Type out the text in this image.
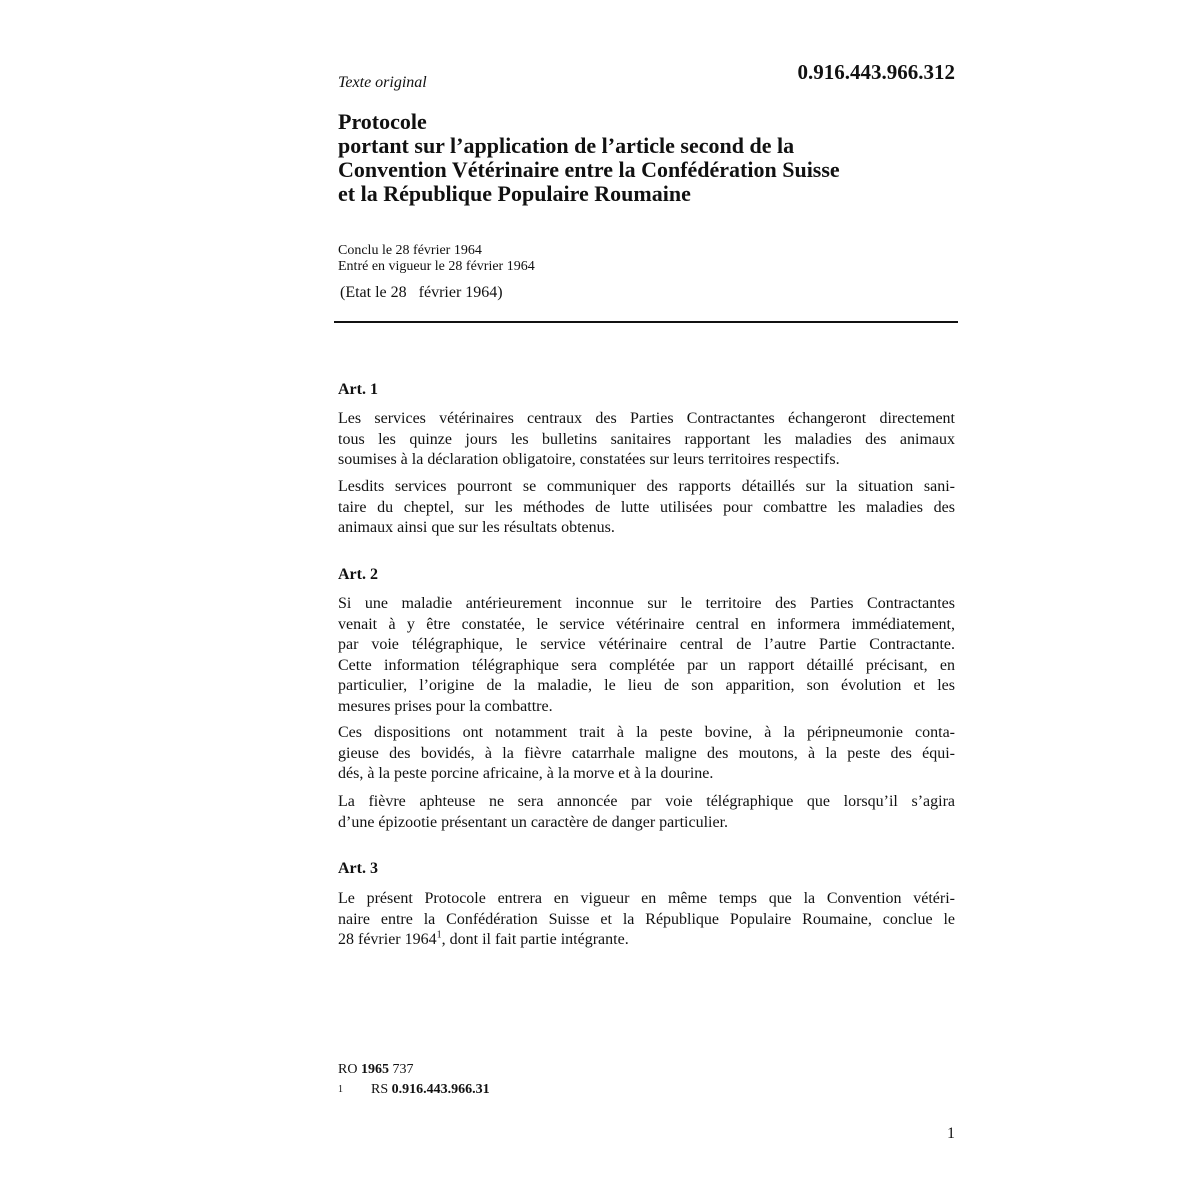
0.916.443.966.312
Texte original
Protocole
portant sur l’application de l’article second de la
Convention Vétérinaire entre la Confédération Suisse
et la République Populaire Roumaine
Conclu le 28 février 1964
Entré en vigueur le 28 février 1964
(Etat le 28   février 1964)
Art. 1

Les services vétérinaires centraux des Parties Contractantes échangeront directement
tous les quinze jours les bulletins sanitaires rapportant les maladies des animaux
soumises à la déclaration obligatoire, constatées sur leurs territoires respectifs.

Lesdits services pourront se communiquer des rapports détaillés sur la situation sani-
taire du cheptel, sur les méthodes de lutte utilisées pour combattre les maladies des
animaux ainsi que sur les résultats obtenus.

Art. 2

Si une maladie antérieurement inconnue sur le territoire des Parties Contractantes
venait à y être constatée, le service vétérinaire central en informera immédiatement,
par voie télégraphique, le service vétérinaire central de l’autre Partie Contractante.
Cette information télégraphique sera complétée par un rapport détaillé précisant, en
particulier, l’origine de la maladie, le lieu de son apparition, son évolution et les
mesures prises pour la combattre.

Ces dispositions ont notamment trait à la peste bovine, à la péripneumonie conta-
gieuse des bovidés, à la fièvre catarrhale maligne des moutons, à la peste des équi-
dés, à la peste porcine africaine, à la morve et à la dourine.

La fièvre aphteuse ne sera annoncée par voie télégraphique que lorsqu’il s’agira
d’une épizootie présentant un caractère de danger particulier.

Art. 3

Le présent Protocole entrera en vigueur en même temps que la Convention vétéri-
naire entre la Confédération Suisse et la République Populaire Roumaine, conclue le
28 février 1964$^1$, dont il fait partie intégrante.

RO 1965 737
1 RS 0.916.443.966.31
1
